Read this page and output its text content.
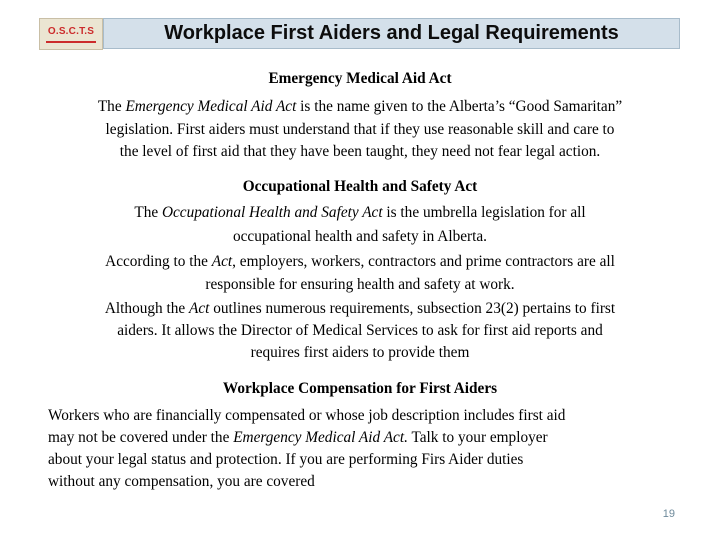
O.S.C.T.S	Workplace First Aiders and Legal Requirements
Emergency Medical Aid Act
The Emergency Medical Aid Act is the name given to the Alberta’s “Good Samaritan”
legislation. First aiders must understand that if they use reasonable skill and care to
the level of first aid that they have been taught, they need not fear legal action.
Occupational Health and Safety Act
The Occupational Health and Safety Act is the umbrella legislation for all
occupational health and safety in Alberta.
According to the Act, employers, workers, contractors and prime contractors are all
responsible for ensuring health and safety at work.
Although the Act outlines numerous requirements, subsection 23(2) pertains to first
aiders. It allows the Director of Medical Services to ask for first aid reports and
requires first aiders to provide them
Workplace Compensation for First Aiders
Workers who are financially compensated or whose job description includes first aid
may not be covered under the Emergency Medical Aid Act. Talk to your employer
about your legal status and protection. If you are performing Firs Aider duties
without any compensation, you are covered
19
